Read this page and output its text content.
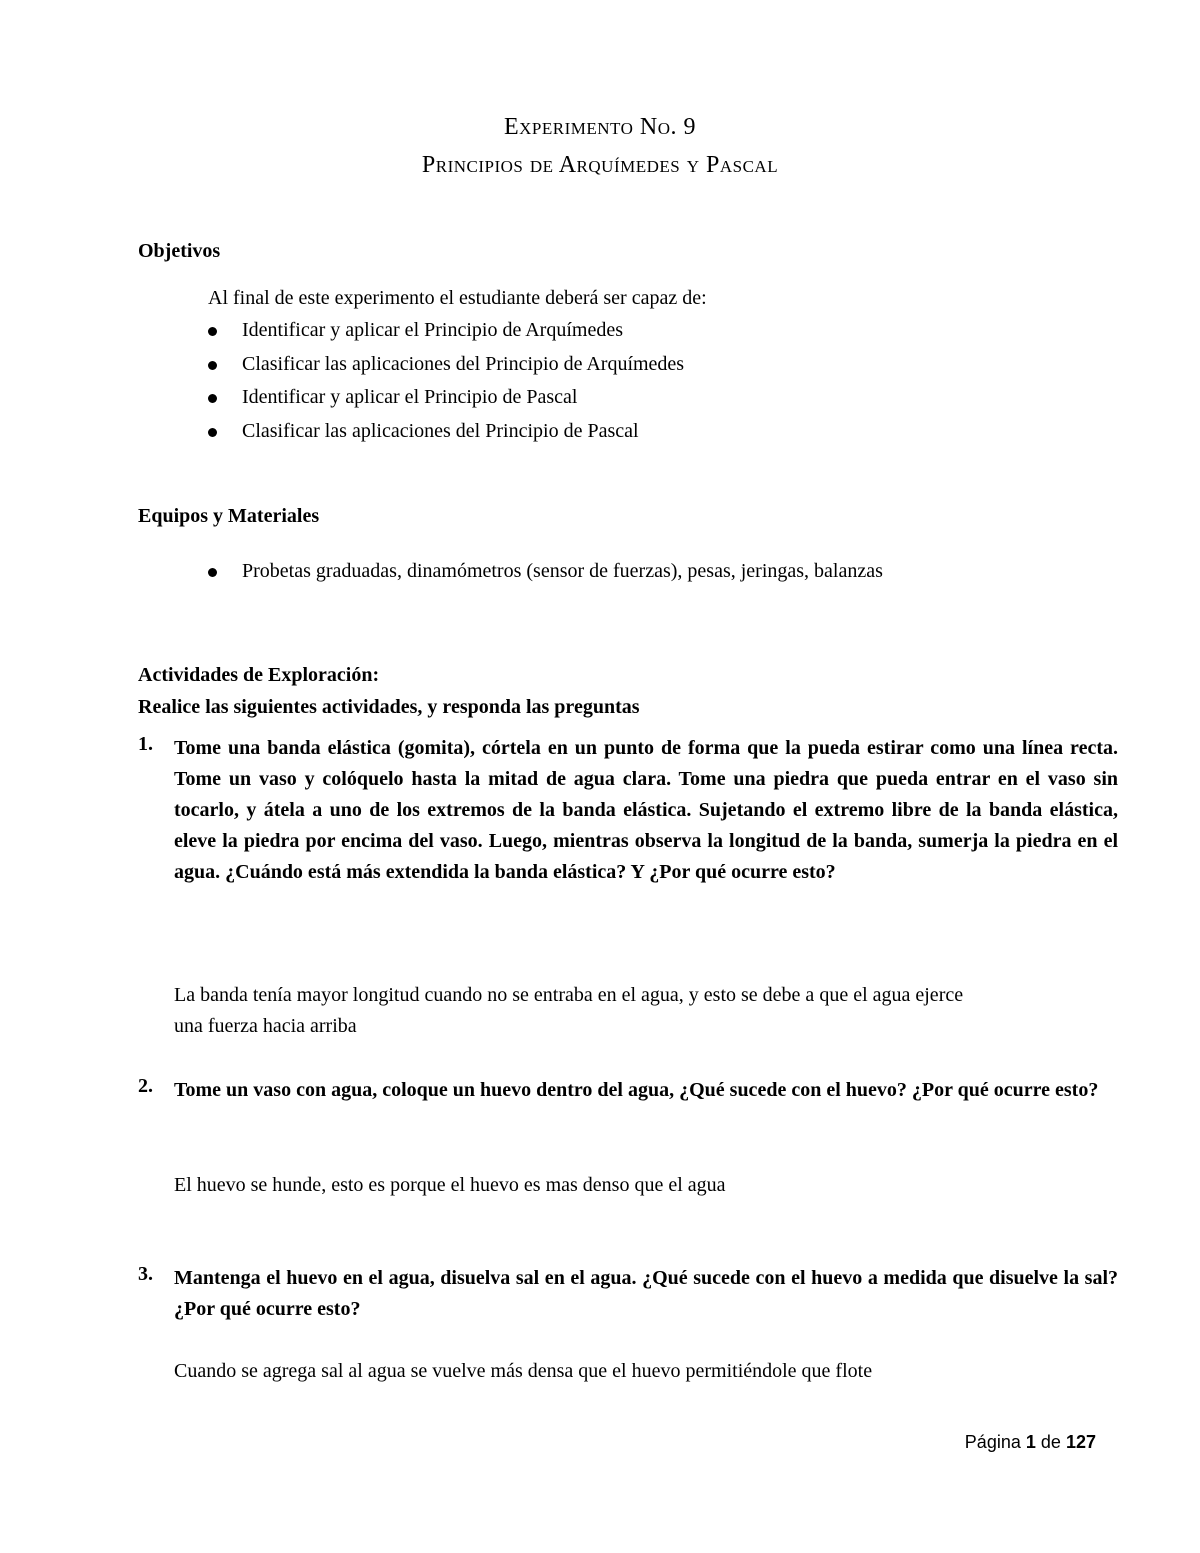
Experimento No. 9
Principios de Arquímedes y Pascal
Objetivos
Al final de este experimento el estudiante deberá ser capaz de:
Identificar y aplicar el Principio de Arquímedes
Clasificar las aplicaciones del Principio de Arquímedes
Identificar y aplicar el Principio de Pascal
Clasificar las aplicaciones del Principio de Pascal
Equipos y Materiales
Probetas graduadas, dinamómetros (sensor de fuerzas), pesas, jeringas, balanzas
Actividades de Exploración:
Realice las siguientes actividades, y responda las preguntas
1.	Tome una banda elástica (gomita), córtela en un punto de forma que la pueda estirar como una línea recta. Tome un vaso y colóquelo hasta la mitad de agua clara. Tome una piedra que pueda entrar en el vaso sin tocarlo, y átela a uno de los extremos de la banda elástica. Sujetando el extremo libre de la banda elástica, eleve la piedra por encima del vaso. Luego, mientras observa la longitud de la banda, sumerja la piedra en el agua. ¿Cuándo está más extendida la banda elástica? Y ¿Por qué ocurre esto?
La banda tenía mayor longitud cuando no se entraba en el agua, y esto se debe a que el agua ejerce
una fuerza hacia arriba
2.	Tome un vaso con agua, coloque un huevo dentro del agua, ¿Qué sucede con el huevo? ¿Por qué ocurre esto?
El huevo se hunde, esto es porque el huevo es mas denso que el agua
3.	Mantenga el huevo en el agua, disuelva sal en el agua. ¿Qué sucede con el huevo a medida que disuelve la sal? ¿Por qué ocurre esto?
Cuando se agrega sal al agua se vuelve más densa que el huevo permitiéndole que flote
Página 1 de 127
